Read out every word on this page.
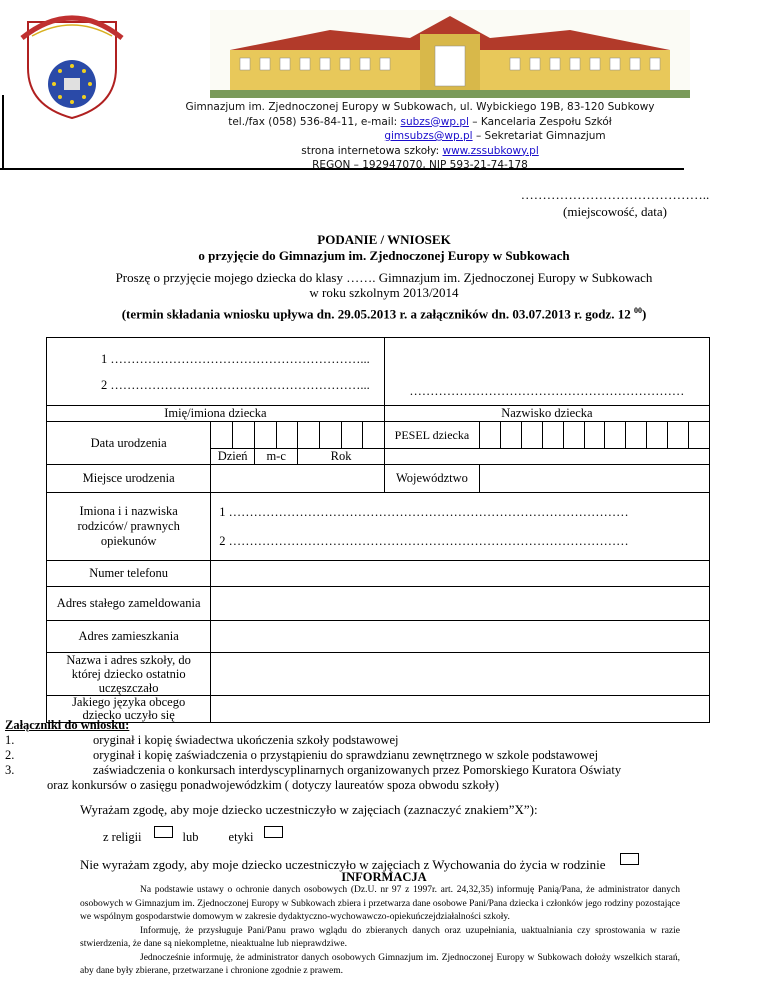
Gimnazjum im. Zjednoczonej Europy w Subkowach, ul. Wybickiego 19B, 83-120 Subkowy
tel./fax (058) 536-84-11, e-mail: subzs@wp.pl – Kancelaria Zespołu Szkół
gimsubzs@wp.pl – Sekretariat Gimnazjum
strona internetowa szkoły: www.zssubkowy.pl
REGON – 192947070, NIP 593-21-74-178
……………………………………..
(miejscowość, data)
PODANIE / WNIOSEK
o przyjęcie do Gimnazjum im. Zjednoczonej Europy w Subkowach
Proszę o przyjęcie mojego dziecka do klasy ……. Gimnazjum im. Zjednoczonej Europy w Subkowach
w roku szkolnym 2013/2014
(termin składania wniosku upływa dn. 29.05.2013 r. a załączników dn. 03.07.2013 r. godz. 12 $^{00}$)
1 ……………………………………………………...
2 ……………………………………………………...									…………………………………………………………											
Imię/imiona dziecka									Nazwisko dziecka											
Data urodzenia									PESEL dziecka											
	Dzień		m-c		Rok															
Miejsce urodzenia									Województwo											
Imiona i i nazwiska rodziców/ prawnych opiekunów	1 ……………………………………………………………………………………
2 ……………………………………………………………………………………																			

Numer telefonu																				
Adres stałego zameldowania																				
Adres zamieszkania																				
Nazwa i adres szkoły, do której dziecko ostatnio uczęszczało																				
Jakiego języka obcego dziecko uczyło się																				
Załączniki do wniosku:
1.	oryginał i kopię świadectwa ukończenia szkoły podstawowej
2.	oryginał i kopię zaświadczenia o przystąpieniu do sprawdzianu zewnętrznego w szkole podstawowej
3.	zaświadczenia o konkursach interdyscyplinarnych organizowanych przez Pomorskiego Kuratora Oświaty
oraz konkursów o zasięgu ponadwojewódzkim ( dotyczy laureatów spoza obwodu szkoły)
Wyrażam zgodę, aby moje dziecko uczestniczyło w zajęciach (zaznaczyć znakiem”X”):
z religii	lub etyki
Nie wyrażam zgody, aby moje dziecko uczestniczyło w zajęciach z Wychowania do życia w rodzinie
INFORMACJA

Na podstawie ustawy o ochronie danych osobowych (Dz.U. nr 97 z 1997r. art. 24,32,35) informuję Panią/Pana, że administrator danych osobowych w Gimnazjum im. Zjednoczonej Europy w Subkowach zbiera i przetwarza dane osobowe Pani/Pana dziecka i członków jego rodziny pozostające we wspólnym gospodarstwie domowym w zakresie dydaktyczno-wychowawczo-opiekuńczejdziałalności szkoły.

Informuję, że przysługuje Pani/Panu prawo wglądu do zbieranych danych oraz uzupełniania, uaktualniania czy sprostowania w razie stwierdzenia, że dane są niekompletne, nieaktualne lub nieprawdziwe.

Jednocześnie informuję, że administrator danych osobowych Gimnazjum im. Zjednoczonej Europy w Subkowach dołoży wszelkich starań, aby dane były zbierane, przetwarzane i chronione zgodnie z prawem.
